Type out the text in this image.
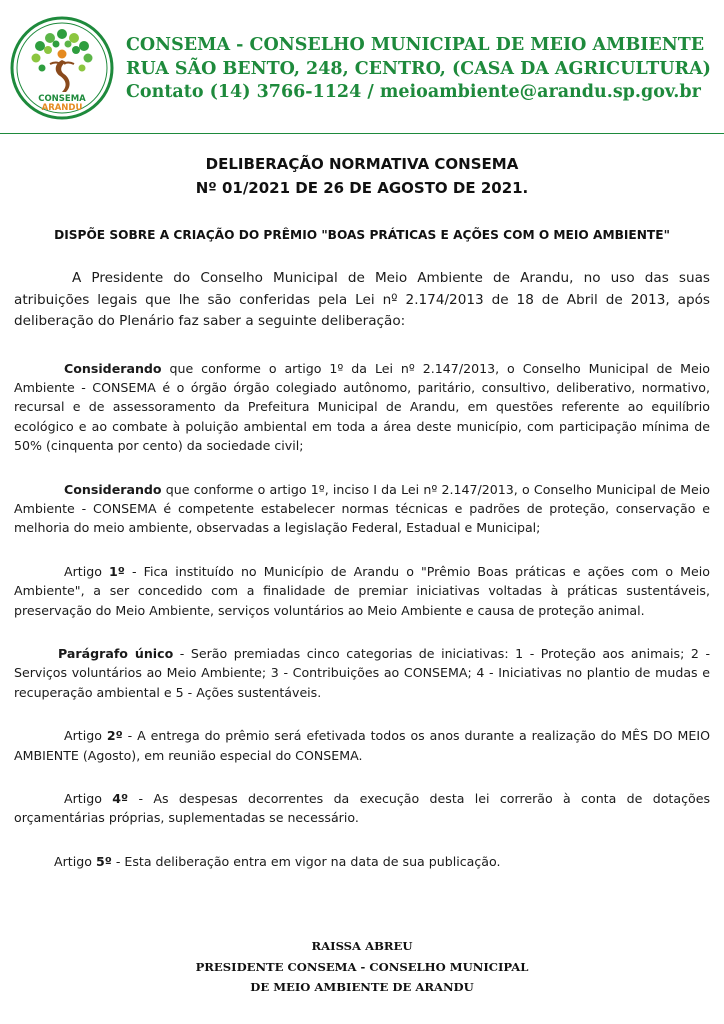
CONSEMA
ARANDU
CONSEMA - CONSELHO MUNICIPAL DE MEIO AMBIENTE
RUA SÃO BENTO, 248, CENTRO, (CASA DA AGRICULTURA)
Contato (14) 3766-1124 / meioambiente@arandu.sp.gov.br
DELIBERAÇÃO NORMATIVA CONSEMA
Nº 01/2021 DE 26 DE AGOSTO DE 2021.
DISPÕE SOBRE A CRIAÇÃO DO PRÊMIO "BOAS PRÁTICAS E AÇÕES COM O MEIO AMBIENTE"

A Presidente do Conselho Municipal de Meio Ambiente de Arandu, no uso das suas atribuições legais que lhe são conferidas pela Lei nº 2.174/2013 de 18 de Abril de 2013, após deliberação do Plenário faz saber a seguinte deliberação:

Considerando que conforme o artigo 1º da Lei nº 2.147/2013, o Conselho Municipal de Meio Ambiente - CONSEMA é o órgão órgão colegiado autônomo, paritário, consultivo, deliberativo, normativo, recursal e de assessoramento da Prefeitura Municipal de Arandu, em questões referente ao equilíbrio ecológico e ao combate à poluição ambiental em toda a área deste município, com participação mínima de 50% (cinquenta por cento) da sociedade civil;

Considerando que conforme o artigo 1º, inciso I da Lei nº 2.147/2013, o Conselho Municipal de Meio Ambiente - CONSEMA é competente estabelecer normas técnicas e padrões de proteção, conservação e melhoria do meio ambiente, observadas a legislação Federal, Estadual e Municipal;

Artigo 1º - Fica instituído no Município de Arandu o "Prêmio Boas práticas e ações com o Meio Ambiente", a ser concedido com a finalidade de premiar iniciativas voltadas à práticas sustentáveis, preservação do Meio Ambiente, serviços voluntários ao Meio Ambiente e causa de proteção animal.

Parágrafo único - Serão premiadas cinco categorias de iniciativas: 1 - Proteção aos animais; 2 - Serviços voluntários ao Meio Ambiente; 3 - Contribuições ao CONSEMA; 4 - Iniciativas no plantio de mudas e recuperação ambiental e 5 - Ações sustentáveis.

Artigo 2º - A entrega do prêmio será efetivada todos os anos durante a realização do MÊS DO MEIO AMBIENTE (Agosto), em reunião especial do CONSEMA.

Artigo 4º - As despesas decorrentes da execução desta lei correrão à conta de dotações orçamentárias próprias, suplementadas se necessário.

Artigo 5º - Esta deliberação entra em vigor na data de sua publicação.

RAISSA ABREU
PRESIDENTE CONSEMA - CONSELHO MUNICIPAL
DE MEIO AMBIENTE DE ARANDU
